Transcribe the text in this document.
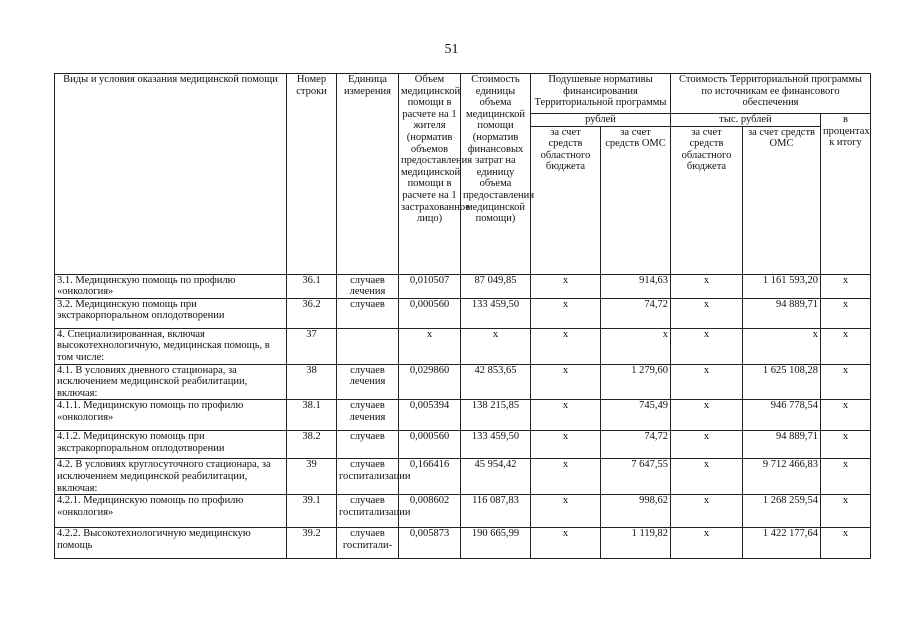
51
Виды и условия оказания медицинской помощи	Номер строки	Единица измерения	Объем медицинской помощи в расчете на 1 жителя (норматив объемов предоставления медицинской помощи в расчете на 1 застрахованное лицо)	Стоимость единицы объема медицинской помощи (норматив финансовых затрат на единицу объема предоставления медицинской помощи)	Подушевые нормативы финансирования Территориальной программы		Стоимость Территориальной программы по источникам ее финансового обеспечения		
					рублей		тыс. рублей		в процентах к итогу
					за счет средств областного бюджета	за счет средств ОМС	за счет средств областного бюджета	за счет средств ОМС	
3.1. Медицинскую помощь по профилю «онкология»	36.1	случаев лечения	0,010507	87 049,85	х	914,63	х	1 161 593,20	х
3.2. Медицинскую помощь при экстракорпоральном оплодотворении	36.2	случаев	0,000560	133 459,50	х	74,72	х	94 889,71	х
4. Специализированная, включая высокотехнологичную, медицинская помощь, в том числе:	37		х	х	х	х	х	х	х
4.1. В условиях дневного стационара, за исключением медицинской реабилитации, включая:	38	случаев лечения	0,029860	42 853,65	х	1 279,60	х	1 625 108,28	х
4.1.1. Медицинскую помощь по профилю «онкология»	38.1	случаев лечения	0,005394	138 215,85	х	745,49	х	946 778,54	х
4.1.2. Медицинскую помощь при экстракорпоральном оплодотворении	38.2	случаев	0,000560	133 459,50	х	74,72	х	94 889,71	х
4.2. В условиях круглосуточного стационара, за исключением медицинской реабилитации, включая:	39	случаев госпитализации	0,166416	45 954,42	х	7 647,55	х	9 712 466,83	х
4.2.1. Медицинскую помощь по профилю «онкология»	39.1	случаев госпитализации	0,008602	116 087,83	х	998,62	х	1 268 259,54	х
4.2.2. Высокотехнологичную медицинскую помощь	39.2	случаев госпитали-	0,005873	190 665,99	х	1 119,82	х	1 422 177,64	х
